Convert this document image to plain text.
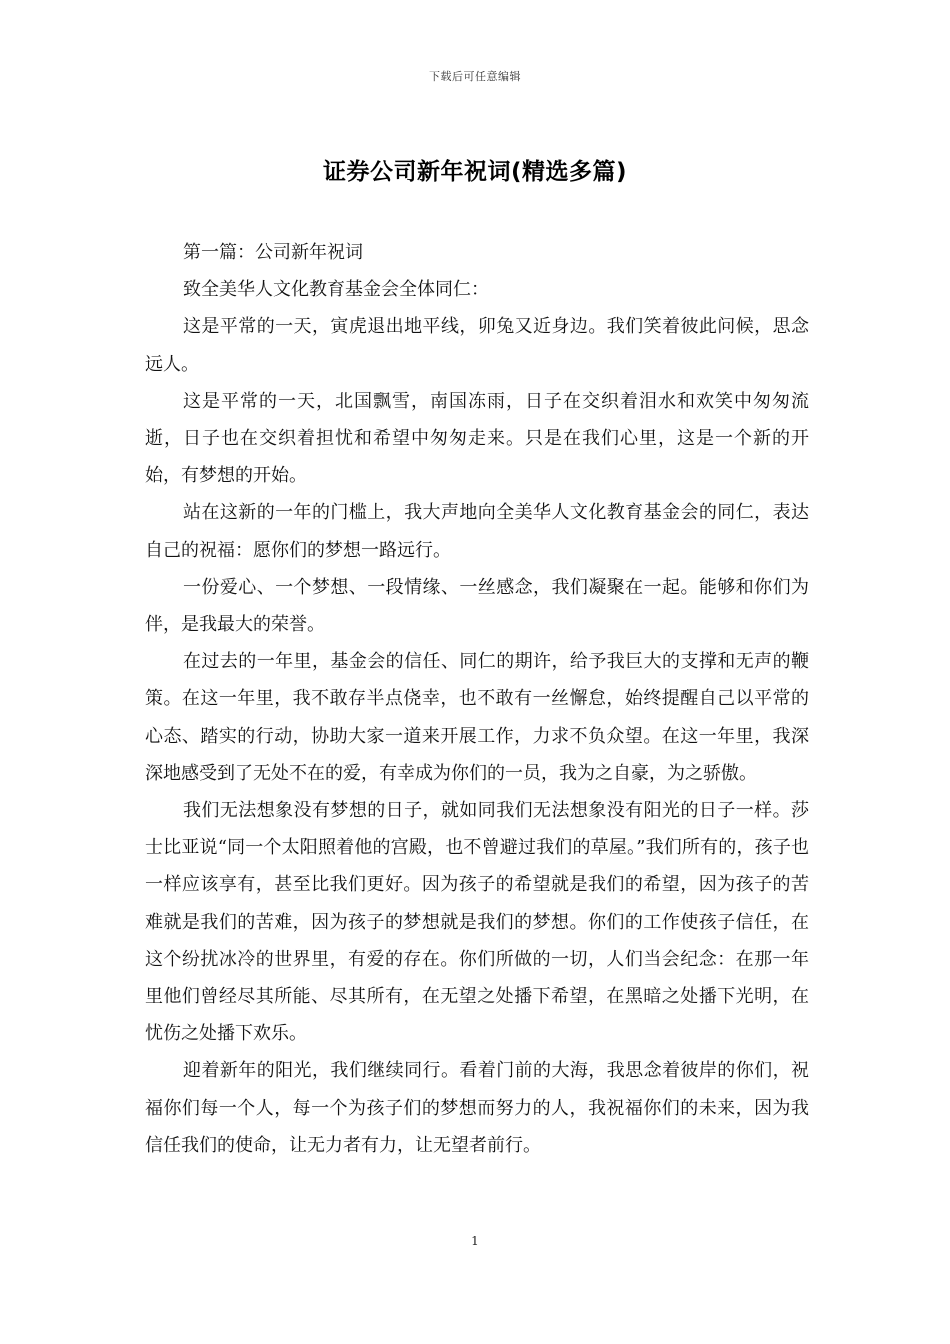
下载后可任意编辑
证券公司新年祝词(精选多篇)

第一篇：公司新年祝词

致全美华人文化教育基金会全体同仁：

这是平常的一天，寅虎退出地平线，卯兔又近身边。我们笑着彼此问候，思念远人。

这是平常的一天，北国飘雪，南国冻雨，日子在交织着泪水和欢笑中匆匆流逝，日子也在交织着担忧和希望中匆匆走来。只是在我们心里，这是一个新的开始，有梦想的开始。

站在这新的一年的门槛上，我大声地向全美华人文化教育基金会的同仁，表达自己的祝福：愿你们的梦想一路远行。

一份爱心、一个梦想、一段情缘、一丝感念，我们凝聚在一起。能够和你们为伴，是我最大的荣誉。

在过去的一年里，基金会的信任、同仁的期许，给予我巨大的支撑和无声的鞭策。在这一年里，我不敢存半点侥幸，也不敢有一丝懈怠，始终提醒自己以平常的心态、踏实的行动，协助大家一道来开展工作，力求不负众望。在这一年里，我深深地感受到了无处不在的爱，有幸成为你们的一员，我为之自豪，为之骄傲。

我们无法想象没有梦想的日子，就如同我们无法想象没有阳光的日子一样。莎士比亚说“同一个太阳照着他的宫殿，也不曾避过我们的草屋。”我们所有的，孩子也一样应该享有，甚至比我们更好。因为孩子的希望就是我们的希望，因为孩子的苦难就是我们的苦难，因为孩子的梦想就是我们的梦想。你们的工作使孩子信任，在这个纷扰冰冷的世界里，有爱的存在。你们所做的一切，人们当会纪念：在那一年里他们曾经尽其所能、尽其所有，在无望之处播下希望，在黑暗之处播下光明，在忧伤之处播下欢乐。

迎着新年的阳光，我们继续同行。看着门前的大海，我思念着彼岸的你们，祝福你们每一个人，每一个为孩子们的梦想而努力的人，我祝福你们的未来，因为我信任我们的使命，让无力者有力，让无望者前行。

1
